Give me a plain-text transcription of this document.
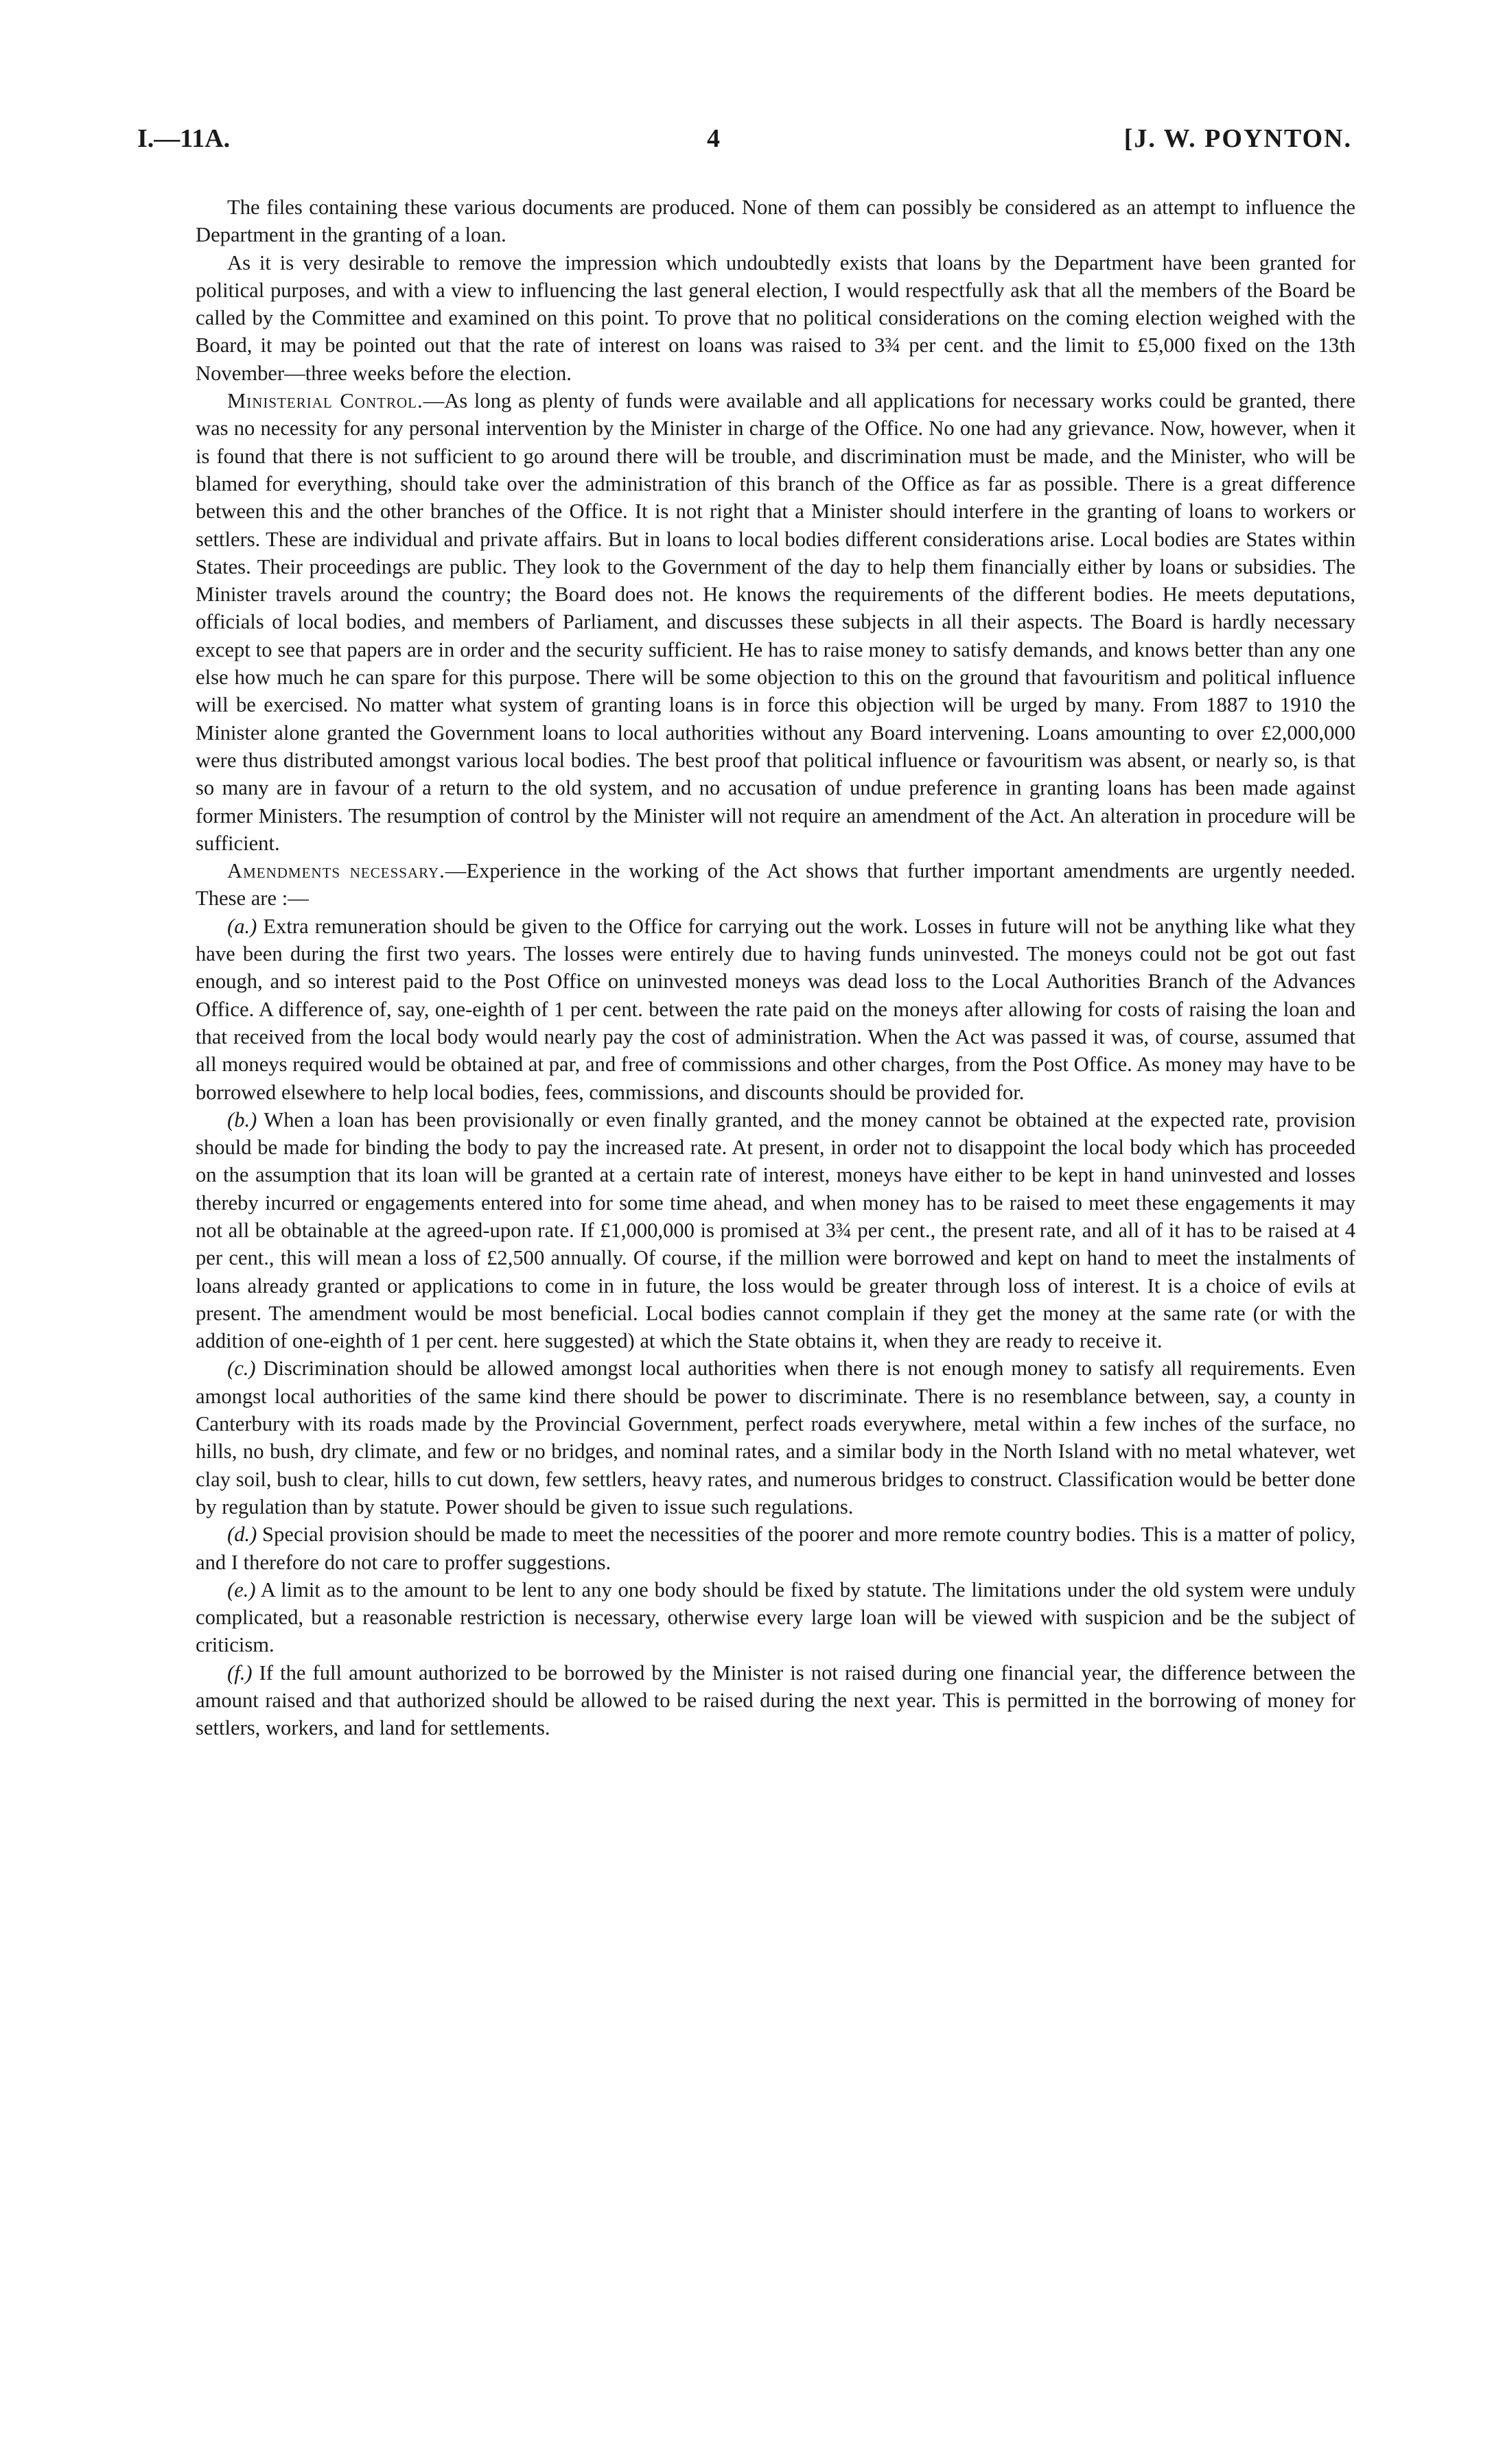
I.—11A.	4	[J. W. POYNTON.

The files containing these various documents are produced. None of them can possibly be considered as an attempt to influence the Department in the granting of a loan.

As it is very desirable to remove the impression which undoubtedly exists that loans by the Department have been granted for political purposes, and with a view to influencing the last general election, I would respectfully ask that all the members of the Board be called by the Committee and examined on this point. To prove that no political considerations on the coming election weighed with the Board, it may be pointed out that the rate of interest on loans was raised to 3¾ per cent. and the limit to £5,000 fixed on the 13th November—three weeks before the election.

Ministerial Control.—As long as plenty of funds were available and all applications for necessary works could be granted, there was no necessity for any personal intervention by the Minister in charge of the Office. No one had any grievance. Now, however, when it is found that there is not sufficient to go around there will be trouble, and discrimination must be made, and the Minister, who will be blamed for everything, should take over the administration of this branch of the Office as far as possible. There is a great difference between this and the other branches of the Office. It is not right that a Minister should interfere in the granting of loans to workers or settlers. These are individual and private affairs. But in loans to local bodies different considerations arise. Local bodies are States within States. Their proceedings are public. They look to the Government of the day to help them financially either by loans or subsidies. The Minister travels around the country; the Board does not. He knows the requirements of the different bodies. He meets deputations, officials of local bodies, and members of Parliament, and discusses these subjects in all their aspects. The Board is hardly necessary except to see that papers are in order and the security sufficient. He has to raise money to satisfy demands, and knows better than any one else how much he can spare for this purpose. There will be some objection to this on the ground that favouritism and political influence will be exercised. No matter what system of granting loans is in force this objection will be urged by many. From 1887 to 1910 the Minister alone granted the Government loans to local authorities without any Board intervening. Loans amounting to over £2,000,000 were thus distributed amongst various local bodies. The best proof that political influence or favouritism was absent, or nearly so, is that so many are in favour of a return to the old system, and no accusation of undue preference in granting loans has been made against former Ministers. The resumption of control by the Minister will not require an amendment of the Act. An alteration in procedure will be sufficient.

Amendments necessary.—Experience in the working of the Act shows that further important amendments are urgently needed. These are :—

(a.) Extra remuneration should be given to the Office for carrying out the work. Losses in future will not be anything like what they have been during the first two years. The losses were entirely due to having funds uninvested. The moneys could not be got out fast enough, and so interest paid to the Post Office on uninvested moneys was dead loss to the Local Authorities Branch of the Advances Office. A difference of, say, one-eighth of 1 per cent. between the rate paid on the moneys after allowing for costs of raising the loan and that received from the local body would nearly pay the cost of administration. When the Act was passed it was, of course, assumed that all moneys required would be obtained at par, and free of commissions and other charges, from the Post Office. As money may have to be borrowed elsewhere to help local bodies, fees, commissions, and discounts should be provided for.

(b.) When a loan has been provisionally or even finally granted, and the money cannot be obtained at the expected rate, provision should be made for binding the body to pay the increased rate. At present, in order not to disappoint the local body which has proceeded on the assumption that its loan will be granted at a certain rate of interest, moneys have either to be kept in hand uninvested and losses thereby incurred or engagements entered into for some time ahead, and when money has to be raised to meet these engagements it may not all be obtainable at the agreed-upon rate. If £1,000,000 is promised at 3¾ per cent., the present rate, and all of it has to be raised at 4 per cent., this will mean a loss of £2,500 annually. Of course, if the million were borrowed and kept on hand to meet the instalments of loans already granted or applications to come in in future, the loss would be greater through loss of interest. It is a choice of evils at present. The amendment would be most beneficial. Local bodies cannot complain if they get the money at the same rate (or with the addition of one-eighth of 1 per cent. here suggested) at which the State obtains it, when they are ready to receive it.

(c.) Discrimination should be allowed amongst local authorities when there is not enough money to satisfy all requirements. Even amongst local authorities of the same kind there should be power to discriminate. There is no resemblance between, say, a county in Canterbury with its roads made by the Provincial Government, perfect roads everywhere, metal within a few inches of the surface, no hills, no bush, dry climate, and few or no bridges, and nominal rates, and a similar body in the North Island with no metal whatever, wet clay soil, bush to clear, hills to cut down, few settlers, heavy rates, and numerous bridges to construct. Classification would be better done by regulation than by statute. Power should be given to issue such regulations.

(d.) Special provision should be made to meet the necessities of the poorer and more remote country bodies. This is a matter of policy, and I therefore do not care to proffer suggestions.

(e.) A limit as to the amount to be lent to any one body should be fixed by statute. The limitations under the old system were unduly complicated, but a reasonable restriction is necessary, otherwise every large loan will be viewed with suspicion and be the subject of criticism.

(f.) If the full amount authorized to be borrowed by the Minister is not raised during one financial year, the difference between the amount raised and that authorized should be allowed to be raised during the next year. This is permitted in the borrowing of money for settlers, workers, and land for settlements.
